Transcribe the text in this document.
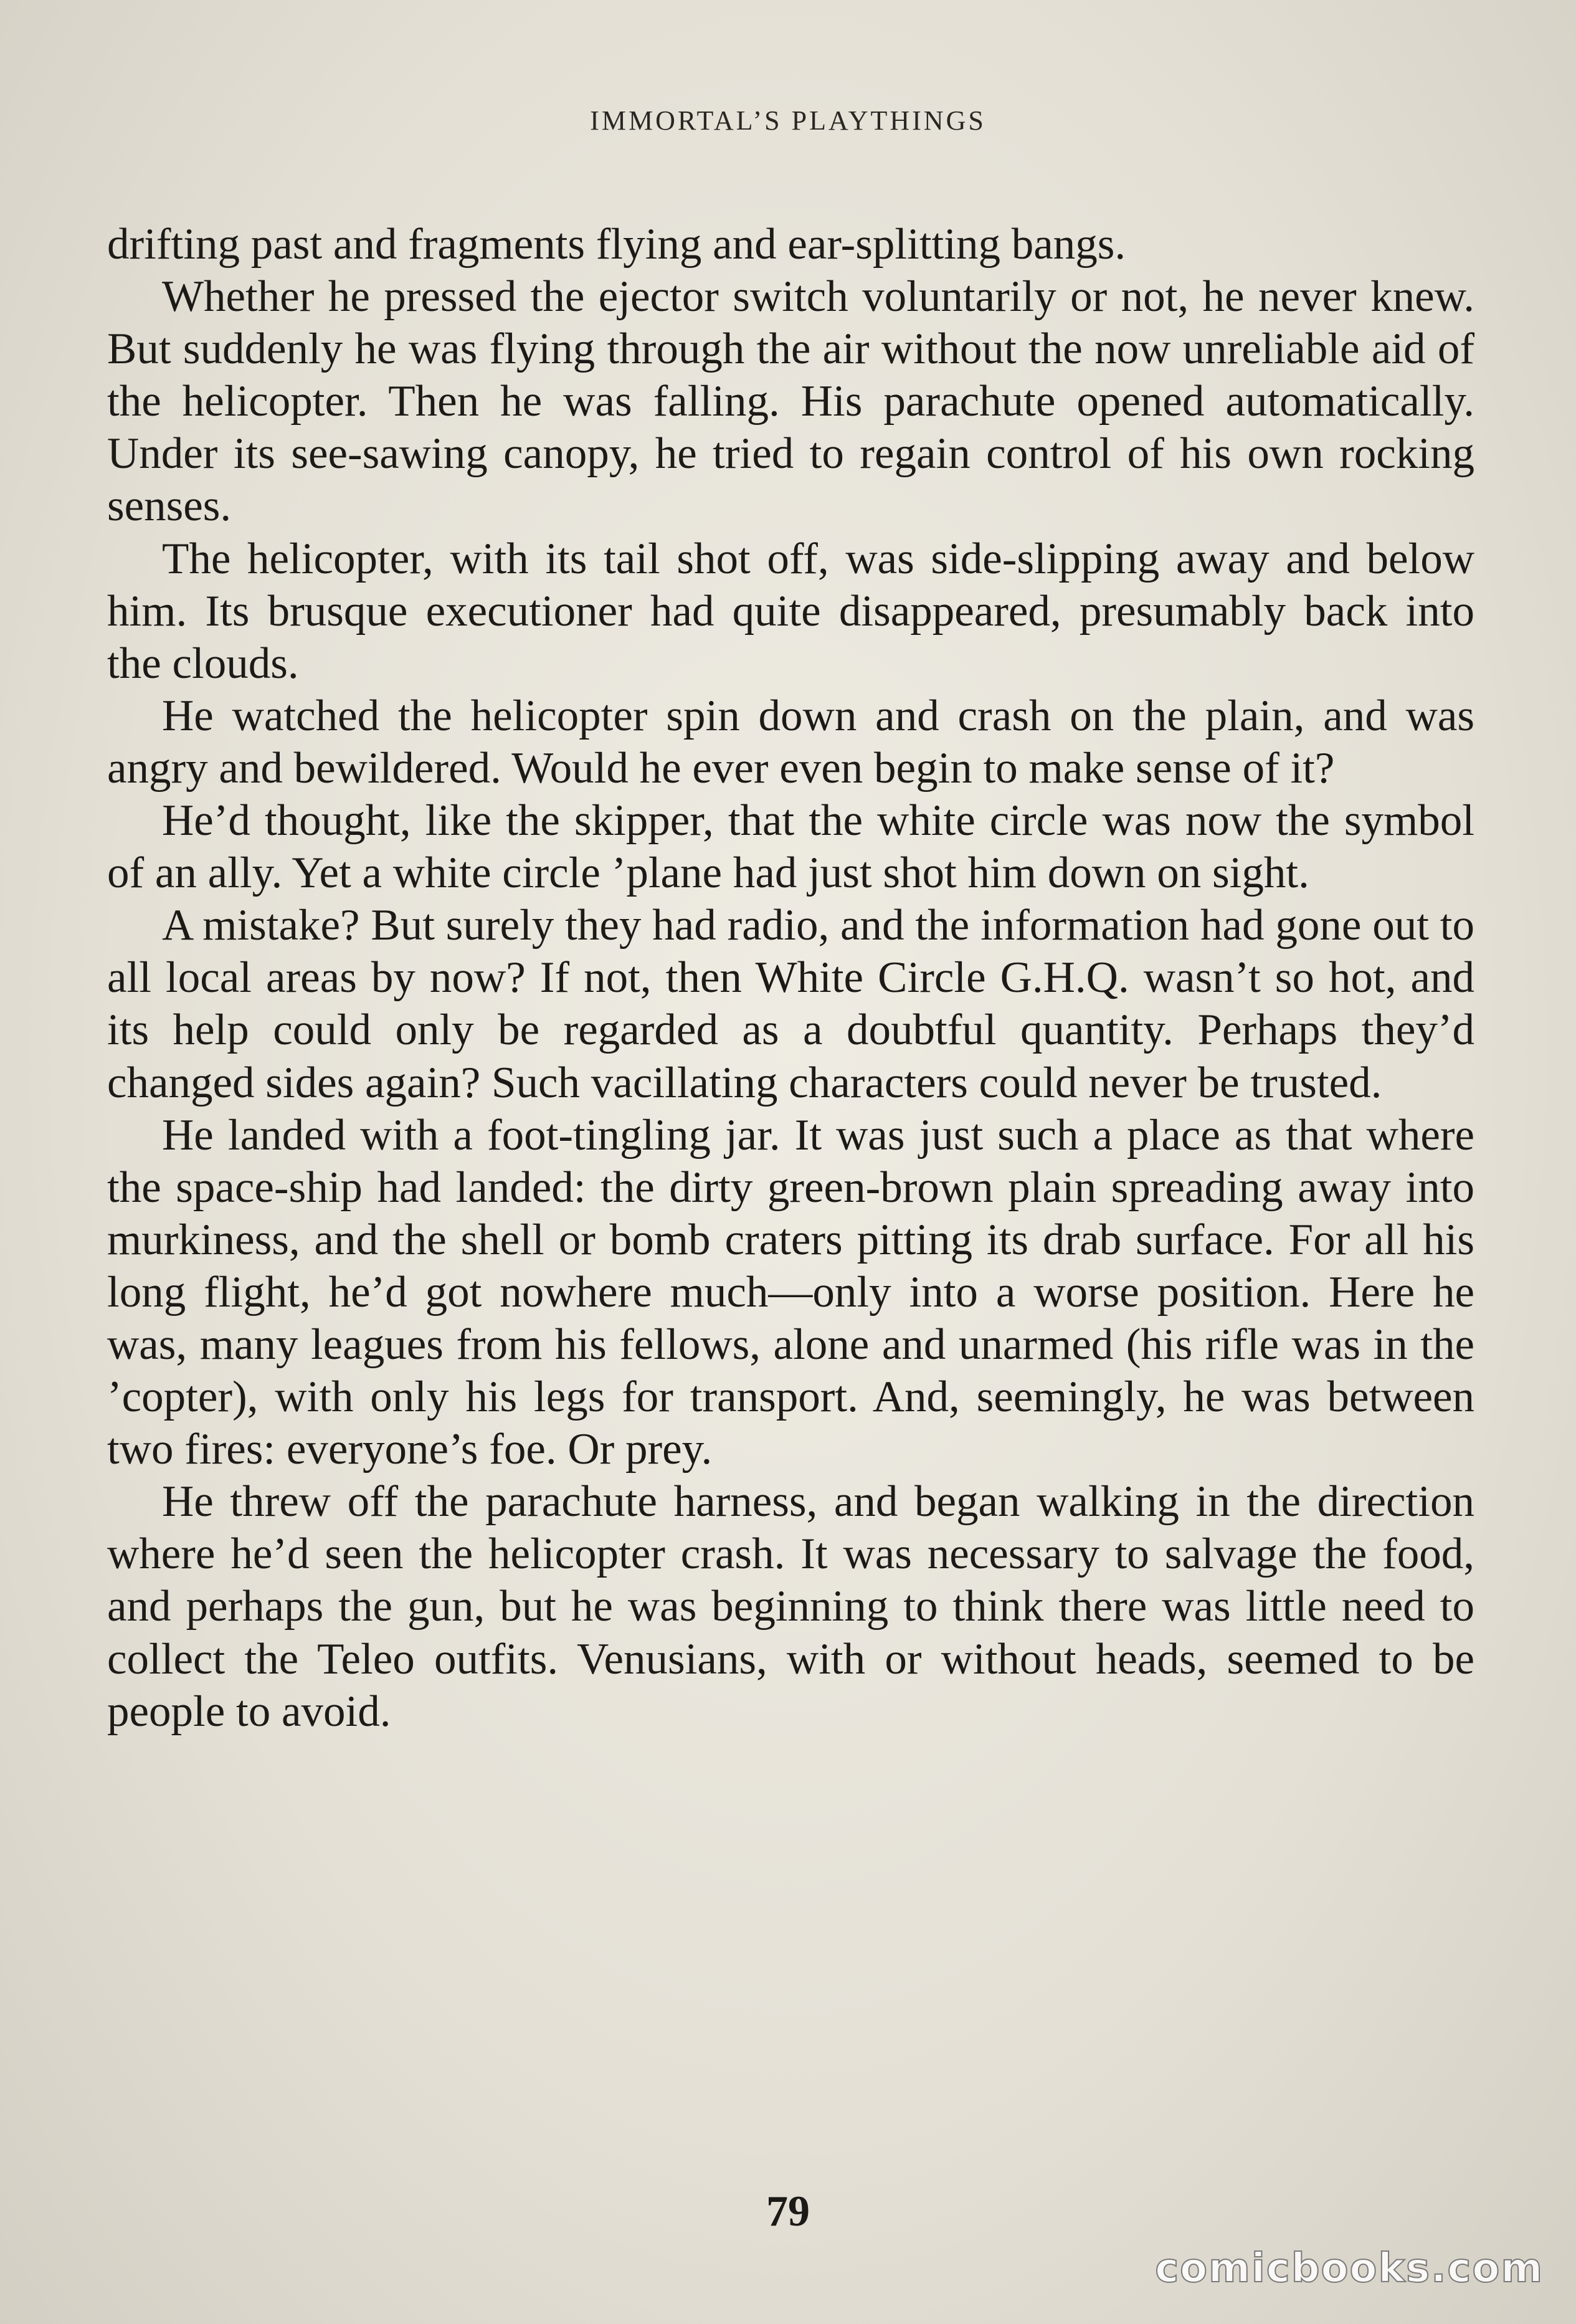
IMMORTAL’S PLAYTHINGS

drifting past and fragments flying and ear-splitting bangs.

Whether he pressed the ejector switch voluntarily or not, he never knew. But suddenly he was flying through the air without the now unreliable aid of the helicopter. Then he was falling. His parachute opened automatically. Under its see-sawing canopy, he tried to regain control of his own rocking senses.

The helicopter, with its tail shot off, was side-slipping away and below him. Its brusque executioner had quite disappeared, presumably back into the clouds.

He watched the helicopter spin down and crash on the plain, and was angry and bewildered. Would he ever even begin to make sense of it?

He’d thought, like the skipper, that the white circle was now the symbol of an ally. Yet a white circle ’plane had just shot him down on sight.

A mistake? But surely they had radio, and the information had gone out to all local areas by now? If not, then White Circle G.H.Q. wasn’t so hot, and its help could only be regarded as a doubtful quantity. Perhaps they’d changed sides again? Such vacillating characters could never be trusted.

He landed with a foot-tingling jar. It was just such a place as that where the space-ship had landed: the dirty green-brown plain spreading away into murkiness, and the shell or bomb craters pitting its drab surface. For all his long flight, he’d got nowhere much—only into a worse position. Here he was, many leagues from his fellows, alone and unarmed (his rifle was in the ’copter), with only his legs for transport. And, seemingly, he was between two fires: everyone’s foe. Or prey.

He threw off the parachute harness, and began walking in the direction where he’d seen the helicopter crash. It was necessary to salvage the food, and perhaps the gun, but he was beginning to think there was little need to collect the Teleo outfits. Venusians, with or without heads, seemed to be people to avoid.

79
comicbooks.com
